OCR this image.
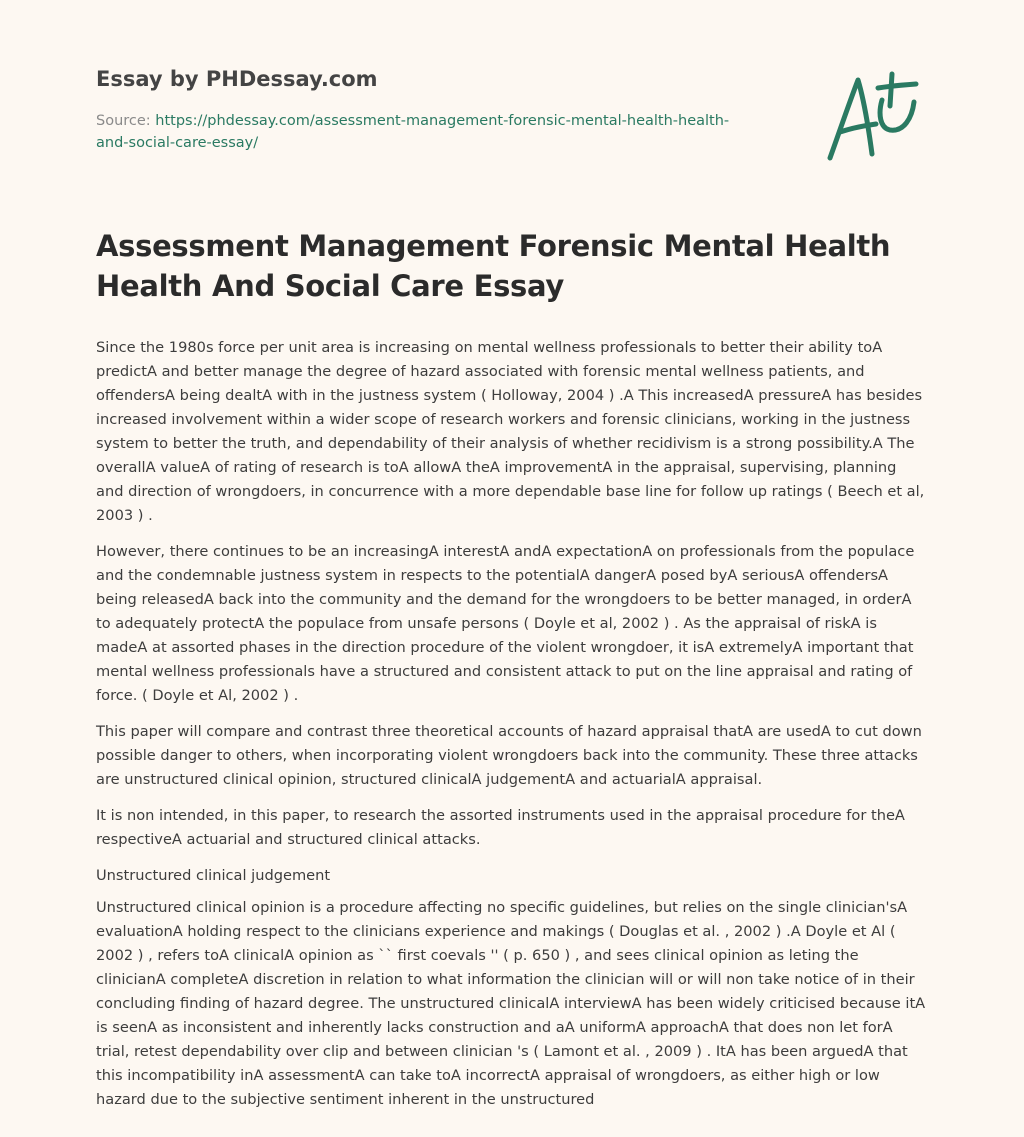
Essay by PHDessay.com
Source: https://phdessay.com/assessment-management-forensic-mental-health-health-and-social-care-essay/
Assessment Management Forensic Mental Health Health And Social Care Essay

Since the 1980s force per unit area is increasing on mental wellness professionals to better their ability toA predictA and better manage the degree of hazard associated with forensic mental wellness patients, and offendersA being dealtA with in the justness system ( Holloway, 2004 ) .A This increasedA pressureA has besides increased involvement within a wider scope of research workers and forensic clinicians, working in the justness system to better the truth, and dependability of their analysis of whether recidivism is a strong possibility.A The overallA valueA of rating of research is toA allowA theA improvementA in the appraisal, supervising, planning and direction of wrongdoers, in concurrence with a more dependable base line for follow up ratings ( Beech et al, 2003 ) .

However, there continues to be an increasingA interestA andA expectationA on professionals from the populace and the condemnable justness system in respects to the potentialA dangerA posed byA seriousA offendersA being releasedA back into the community and the demand for the wrongdoers to be better managed, in orderA to adequately protectA the populace from unsafe persons ( Doyle et al, 2002 ) . As the appraisal of riskA is madeA at assorted phases in the direction procedure of the violent wrongdoer, it isA extremelyA important that mental wellness professionals have a structured and consistent attack to put on the line appraisal and rating of force. ( Doyle et Al, 2002 ) .

This paper will compare and contrast three theoretical accounts of hazard appraisal thatA are usedA to cut down possible danger to others, when incorporating violent wrongdoers back into the community. These three attacks are unstructured clinical opinion, structured clinicalA judgementA and actuarialA appraisal.

It is non intended, in this paper, to research the assorted instruments used in the appraisal procedure for theA respectiveA actuarial and structured clinical attacks.

Unstructured clinical judgement

Unstructured clinical opinion is a procedure affecting no specific guidelines, but relies on the single clinician'sA evaluationA holding respect to the clinicians experience and makings ( Douglas et al. , 2002 ) .A Doyle et Al ( 2002 ) , refers toA clinicalA opinion as `` first coevals '' ( p. 650 ) , and sees clinical opinion as leting the clinicianA completeA discretion in relation to what information the clinician will or will non take notice of in their concluding finding of hazard degree. The unstructured clinicalA interviewA has been widely criticised because itA is seenA as inconsistent and inherently lacks construction and aA uniformA approachA that does non let forA trial, retest dependability over clip and between clinician 's ( Lamont et al. , 2009 ) . ItA has been arguedA that this incompatibility inA assessmentA can take toA incorrectA appraisal of wrongdoers, as either high or low hazard due to the subjective sentiment inherent in the unstructured
